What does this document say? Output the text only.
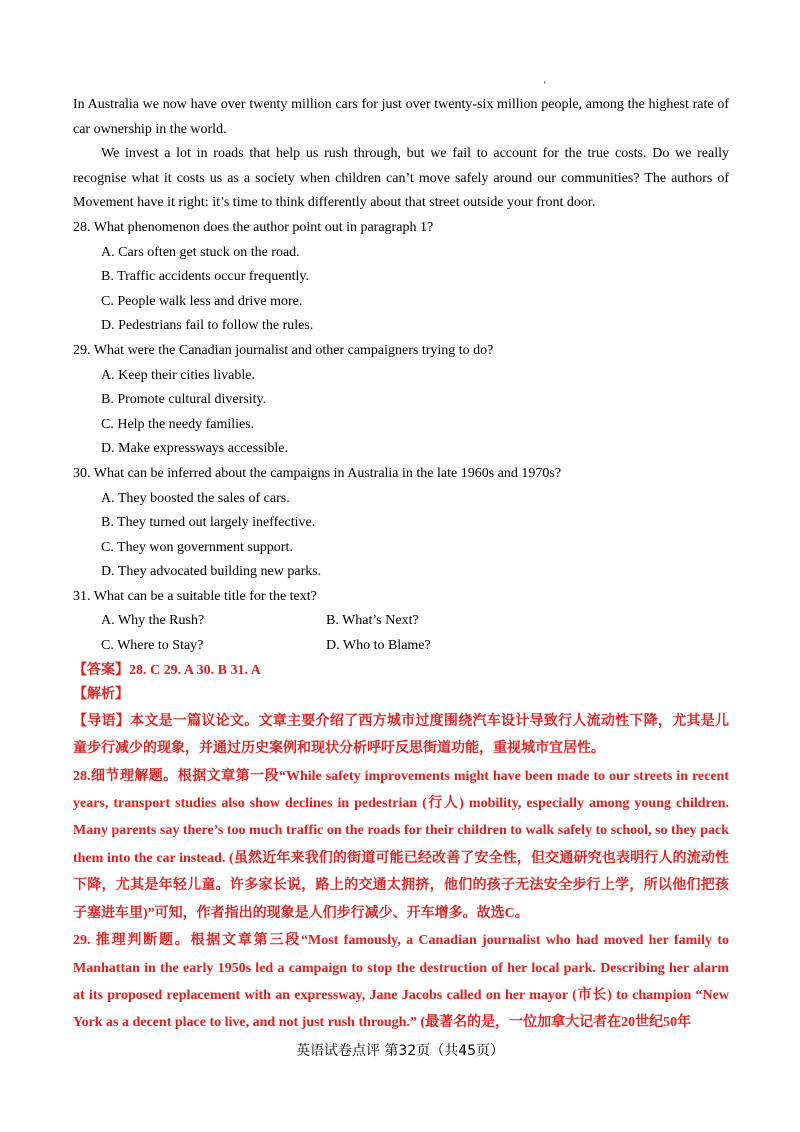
ʻ

In Australia we now have over twenty million cars for just over twenty-six million people, among the highest rate of car ownership in the world.

We invest a lot in roads that help us rush through, but we fail to account for the true costs. Do we really recognise what it costs us as a society when children can’t move safely around our communities? The authors of Movement have it right: it’s time to think differently about that street outside your front door.

28. What phenomenon does the author point out in paragraph 1?

A. Cars often get stuck on the road.

B. Traffic accidents occur frequently.

C. People walk less and drive more.

D. Pedestrians fail to follow the rules.

29. What were the Canadian journalist and other campaigners trying to do?

A. Keep their cities livable.

B. Promote cultural diversity.

C. Help the needy families.

D. Make expressways accessible.

30. What can be inferred about the campaigns in Australia in the late 1960s and 1970s?

A. They boosted the sales of cars.

B. They turned out largely ineffective.

C. They won government support.

D. They advocated building new parks.

31. What can be a suitable title for the text?

A. Why the Rush?	B. What’s Next?
C. Where to Stay?	D. Who to Blame?

【答案】28. C 29. A 30. B 31. A

【解析】

【导语】本文是一篇议论文。文章主要介绍了西方城市过度围绕汽车设计导致行人流动性下降，尤其是儿童步行减少的现象，并通过历史案例和现状分析呼吁反思街道功能，重视城市宜居性。

28.细节理解题。根据文章第一段“While safety improvements might have been made to our streets in recent years, transport studies also show declines in pedestrian (行人) mobility, especially among young children. Many parents say there’s too much traffic on the roads for their children to walk safely to school, so they pack them into the car instead. (虽然近年来我们的街道可能已经改善了安全性，但交通研究也表明行人的流动性下降，尤其是年轻儿童。许多家长说，路上的交通太拥挤，他们的孩子无法安全步行上学，所以他们把孩子塞进车里)”可知，作者指出的现象是人们步行减少、开车增多。故选C。

29. 推理判断题。根据文章第三段“Most famously, a Canadian journalist who had moved her family to Manhattan in the early 1950s led a campaign to stop the destruction of her local park. Describing her alarm at its proposed replacement with an expressway, Jane Jacobs called on her mayor (市长) to champion “New York as a decent place to live, and not just rush through.” (最著名的是，一位加拿大记者在20世纪50年

英语试卷点评 第32页（共45页）
